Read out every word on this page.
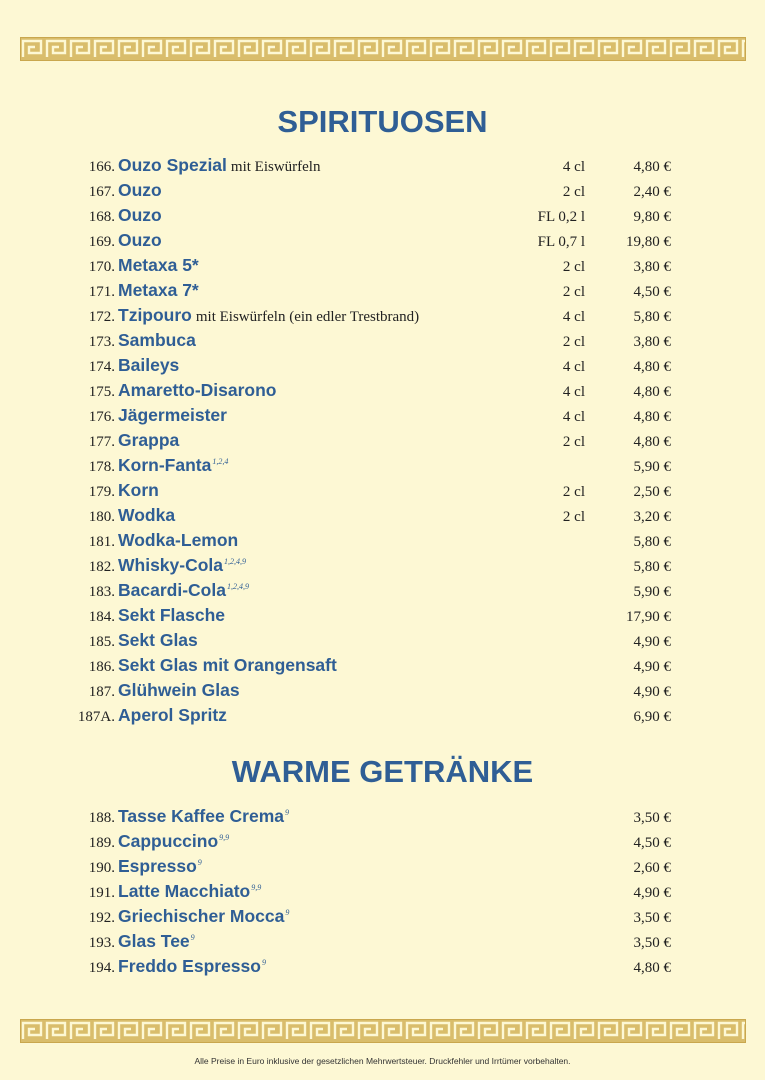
SPIRITUOSEN
166. Ouzo Spezial mit Eiswürfeln	4 cl	4,80 €
167. Ouzo	2 cl	2,40 €
168. Ouzo	FL 0,2 l	9,80 €
169. Ouzo	FL 0,7 l	19,80 €
170. Metaxa 5*	2 cl	3,80 €
171. Metaxa 7*	2 cl	4,50 €
172. Tzipouro mit Eiswürfeln (ein edler Trestbrand)	4 cl	5,80 €
173. Sambuca	2 cl	3,80 €
174. Baileys	4 cl	4,80 €
175. Amaretto-Disarono	4 cl	4,80 €
176. Jägermeister	4 cl	4,80 €
177. Grappa	2 cl	4,80 €
178. Korn-Fanta$^{1,2,4}$	5,90 €
179. Korn	2 cl	2,50 €
180. Wodka	2 cl	3,20 €
181. Wodka-Lemon	5,80 €
182. Whisky-Cola$^{1,2,4,9}$	5,80 €
183. Bacardi-Cola$^{1,2,4,9}$	5,90 €
184. Sekt Flasche	17,90 €
185. Sekt Glas	4,90 €
186. Sekt Glas mit Orangensaft	4,90 €
187. Glühwein Glas	4,90 €
187A. Aperol Spritz	6,90 €
WARME GETRÄNKE
188. Tasse Kaffee Crema$^9$	3,50 €
189. Cappuccino$^{9,9}$	4,50 €
190. Espresso$^9$	2,60 €
191. Latte Macchiato$^{9,9}$	4,90 €
192. Griechischer Mocca$^9$	3,50 €
193. Glas Tee$^9$	3,50 €
194. Freddo Espresso$^9$	4,80 €
Alle Preise in Euro inklusive der gesetzlichen Mehrwertsteuer. Druckfehler und Irrtümer vorbehalten.
